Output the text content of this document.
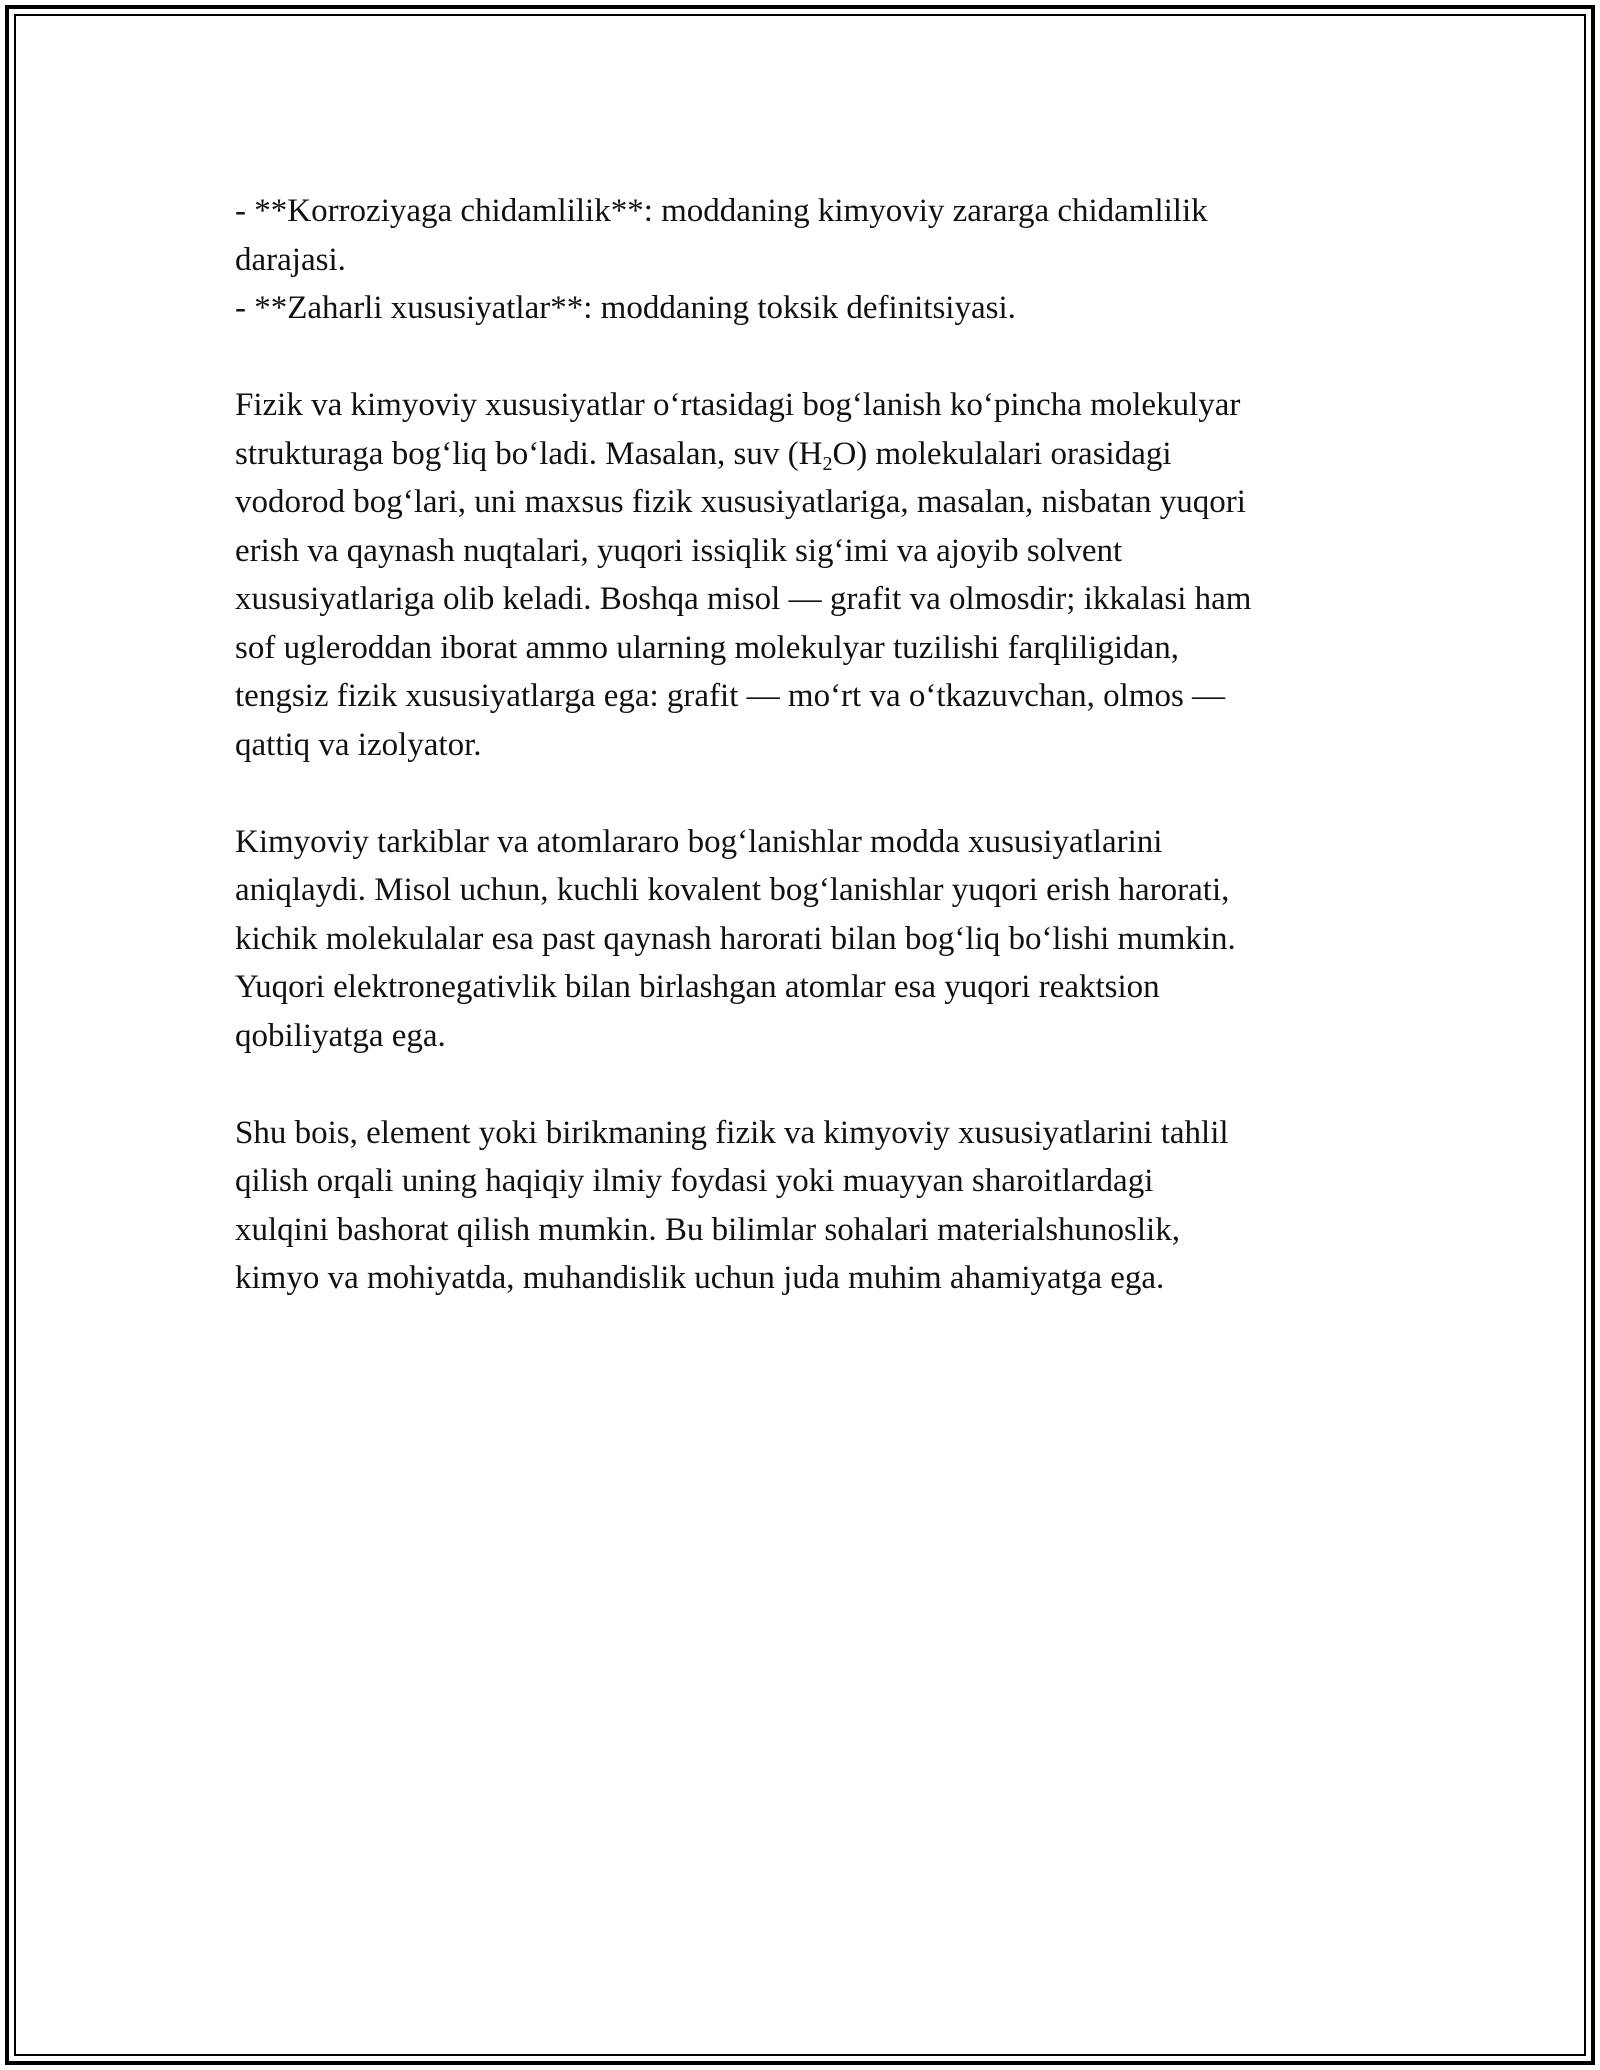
- **Korroziyaga chidamlilik**: moddaning kimyoviy zararga chidamlilik
darajasi.
- **Zaharli xususiyatlar**: moddaning toksik definitsiyasi.
Fizik va kimyoviy xususiyatlar o‘rtasidagi bog‘lanish ko‘pincha molekulyar
strukturaga bog‘liq bo‘ladi. Masalan, suv $(H_2O)$ molekulalari orasidagi
vodorod bog‘lari, uni maxsus fizik xususiyatlariga, masalan, nisbatan yuqori
erish va qaynash nuqtalari, yuqori issiqlik sig‘imi va ajoyib solvent
xususiyatlariga olib keladi. Boshqa misol — grafit va olmosdir; ikkalasi ham
sof ugleroddan iborat ammo ularning molekulyar tuzilishi farqliligidan,
tengsiz fizik xususiyatlarga ega: grafit — mo‘rt va o‘tkazuvchan, olmos —
qattiq va izolyator.
Kimyoviy tarkiblar va atomlararo bog‘lanishlar modda xususiyatlarini
aniqlaydi. Misol uchun, kuchli kovalent bog‘lanishlar yuqori erish harorati,
kichik molekulalar esa past qaynash harorati bilan bog‘liq bo‘lishi mumkin.
Yuqori elektronegativlik bilan birlashgan atomlar esa yuqori reaktsion
qobiliyatga ega.
Shu bois, element yoki birikmaning fizik va kimyoviy xususiyatlarini tahlil
qilish orqali uning haqiqiy ilmiy foydasi yoki muayyan sharoitlardagi
xulqini bashorat qilish mumkin. Bu bilimlar sohalari materialshunoslik,
kimyo va mohiyatda, muhandislik uchun juda muhim ahamiyatga ega.
